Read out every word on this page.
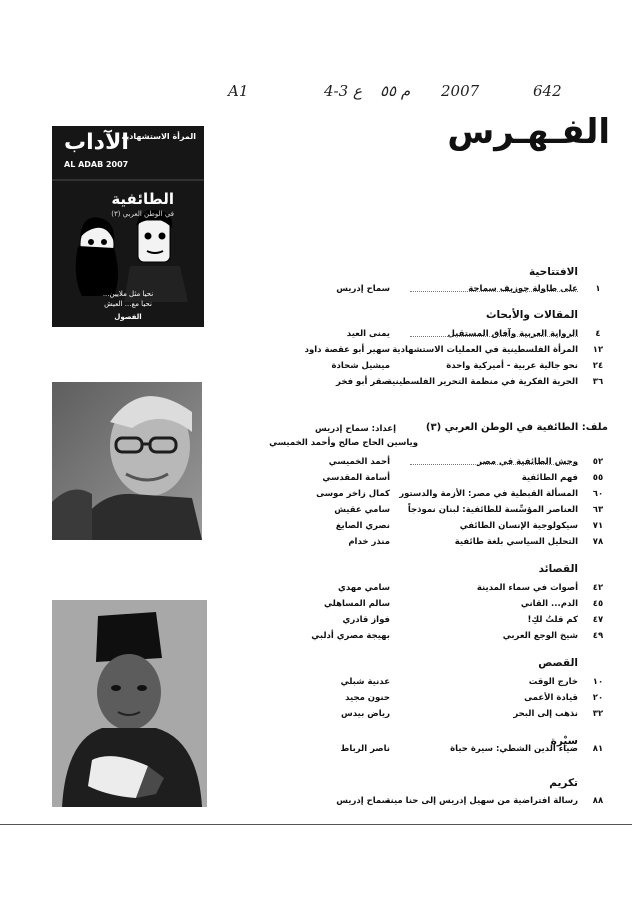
A1	4-3 ع م ٥٥ 2007	642
الفـهـرس
الآداب
المرأة الاستشهادية
AL ADAB 2007
الطائفية
في الوطن العربي (٣)
نحيا مثل ملايين...
نحيا مع... العيش
الفصول
الافتتاحية
١
على طاولة جوزيف سماحة
سماح إدريس
المقالات والأبحاث
٤
الرواية العربية وآفاق المستقبل
يمنى العيد
١٢
المرأة الفلسطينية في العمليات الاستشهادية
سهير أبو عقصة داود
٢٤
نحو جالية عربية - أميركية واحدة
ميشيل شحادة
٣٦
الحرية الفكرية في منظمة التحرير الفلسطينية
صقر أبو فخر
ملف: الطائفية في الوطن العربي (٣)
إعداد: سماح إدريس
وياسين الحاج صالح وأحمد الخميسي
٥٢
وحش الطائفية في مصر
أحمد الخميسي
٥٥
فهم الطائفية
أسامة المقدسي
٦٠
المسألة القبطية في مصر: الأزمة والدستور
كمال زاخر موسى
٦٣
العناصر المؤسِّسة للطائفية: لبنان نموذجاً
سامي عقيش
٧١
سيكولوجية الإنسان الطائفي
نصري الصايغ
٧٨
التحليل السياسي بلغة طائفية
منذر خدام
القصائد
٤٢
أصوات في سماء المدينة
سامي مهدي
٤٥
الدم... القاني
سالم المساهلي
٤٧
كم قلتُ لكِ!
فواز قادري
٤٩
شيخ الوجع العربي
بهيجة مصري أدلبي
القصص
١٠
خارج الوقت
عدنية شبلي
٢٠
قيادة الأعمى
حنون مجيد
٣٢
نذهب إلى البحر
رياض بيدس
سيْرة
٨١
ضياء الدين الشطي: سيرة حياة
ناصر الرباط
تكريم
٨٨
رسالة افتراضية من سهيل إدريس إلى حنا مينة
سماح إدريس
